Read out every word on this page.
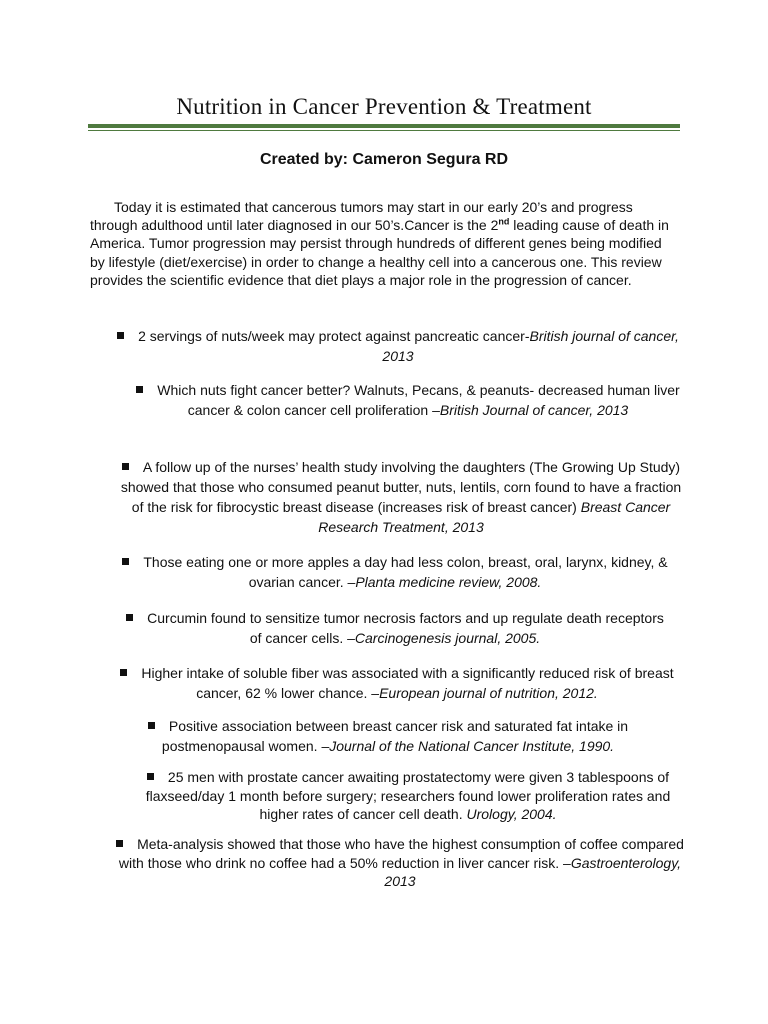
Nutrition in Cancer Prevention & Treatment

Created by: Cameron Segura RD

Today it is estimated that cancerous tumors may start in our early 20’s and progress through adulthood until later diagnosed in our 50’s.Cancer is the 2nd leading cause of death in America. Tumor progression may persist through hundreds of different genes being modified by lifestyle (diet/exercise) in order to change a healthy cell into a cancerous one. This review provides the scientific evidence that diet plays a major role in the progression of cancer.

2 servings of nuts/week may protect against pancreatic cancer-British journal of cancer, 2013

Which nuts fight cancer better? Walnuts, Pecans, & peanuts- decreased human liver cancer & colon cancer cell proliferation –British Journal of cancer, 2013

A follow up of the nurses’ health study involving the daughters (The Growing Up Study) showed that those who consumed peanut butter, nuts, lentils, corn found to have a fraction of the risk for fibrocystic breast disease (increases risk of breast cancer) Breast Cancer Research Treatment, 2013

Those eating one or more apples a day had less colon, breast, oral, larynx, kidney, & ovarian cancer. –Planta medicine review, 2008.

Curcumin found to sensitize tumor necrosis factors and up regulate death receptors of cancer cells. –Carcinogenesis journal, 2005.

Higher intake of soluble fiber was associated with a significantly reduced risk of breast cancer, 62 % lower chance. –European journal of nutrition, 2012.

Positive association between breast cancer risk and saturated fat intake in postmenopausal women. –Journal of the National Cancer Institute, 1990.

25 men with prostate cancer awaiting prostatectomy were given 3 tablespoons of flaxseed/day 1 month before surgery; researchers found lower proliferation rates and higher rates of cancer cell death. Urology, 2004.

Meta-analysis showed that those who have the highest consumption of coffee compared with those who drink no coffee had a 50% reduction in liver cancer risk. –Gastroenterology, 2013
